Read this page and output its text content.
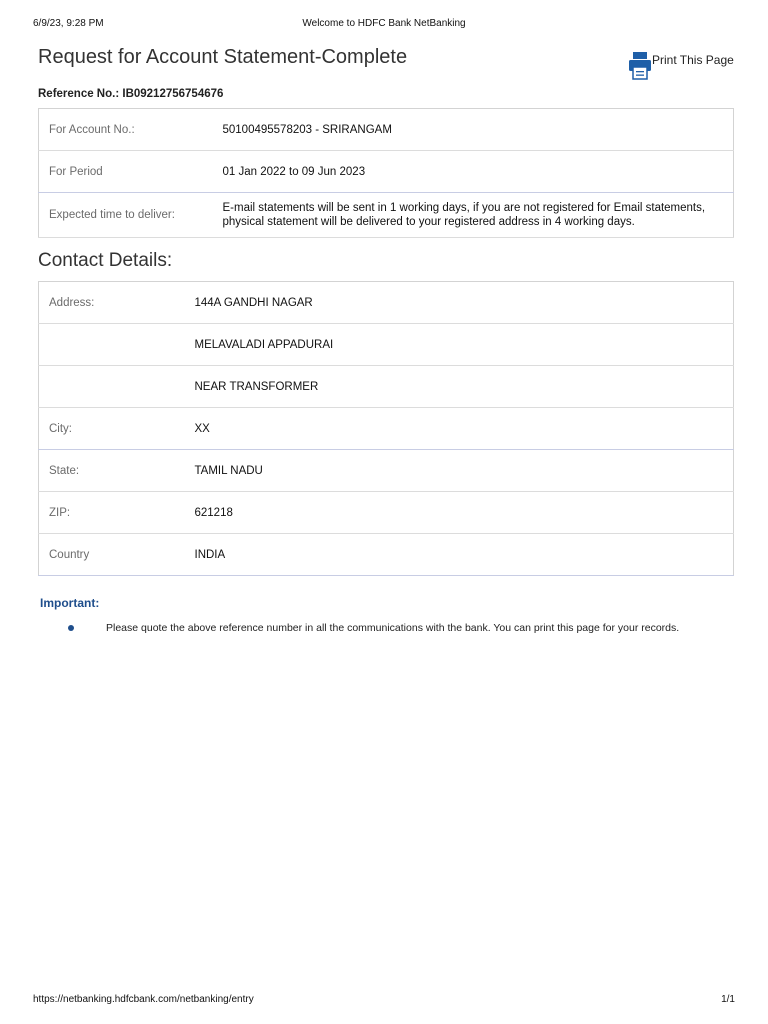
6/9/23, 9:28 PM	Welcome to HDFC Bank NetBanking
Request for Account Statement-Complete	Print This Page
Reference No.: IB09212756754676
For Account No.:	50100495578203 - SRIRANGAM
For Period	01 Jan 2022 to 09 Jun 2023
Expected time to deliver:	E-mail statements will be sent in 1 working days, if you are not registered for Email statements, physical statement will be delivered to your registered address in 4 working days.
Contact Details:
Address:	144A GANDHI NAGAR
	MELAVALADI APPADURAI
	NEAR TRANSFORMER
City:	XX
State:	TAMIL NADU
ZIP:	621218
Country	INDIA
Important:
Please quote the above reference number in all the communications with the bank. You can print this page for your records.
https://netbanking.hdfcbank.com/netbanking/entry	1/1
